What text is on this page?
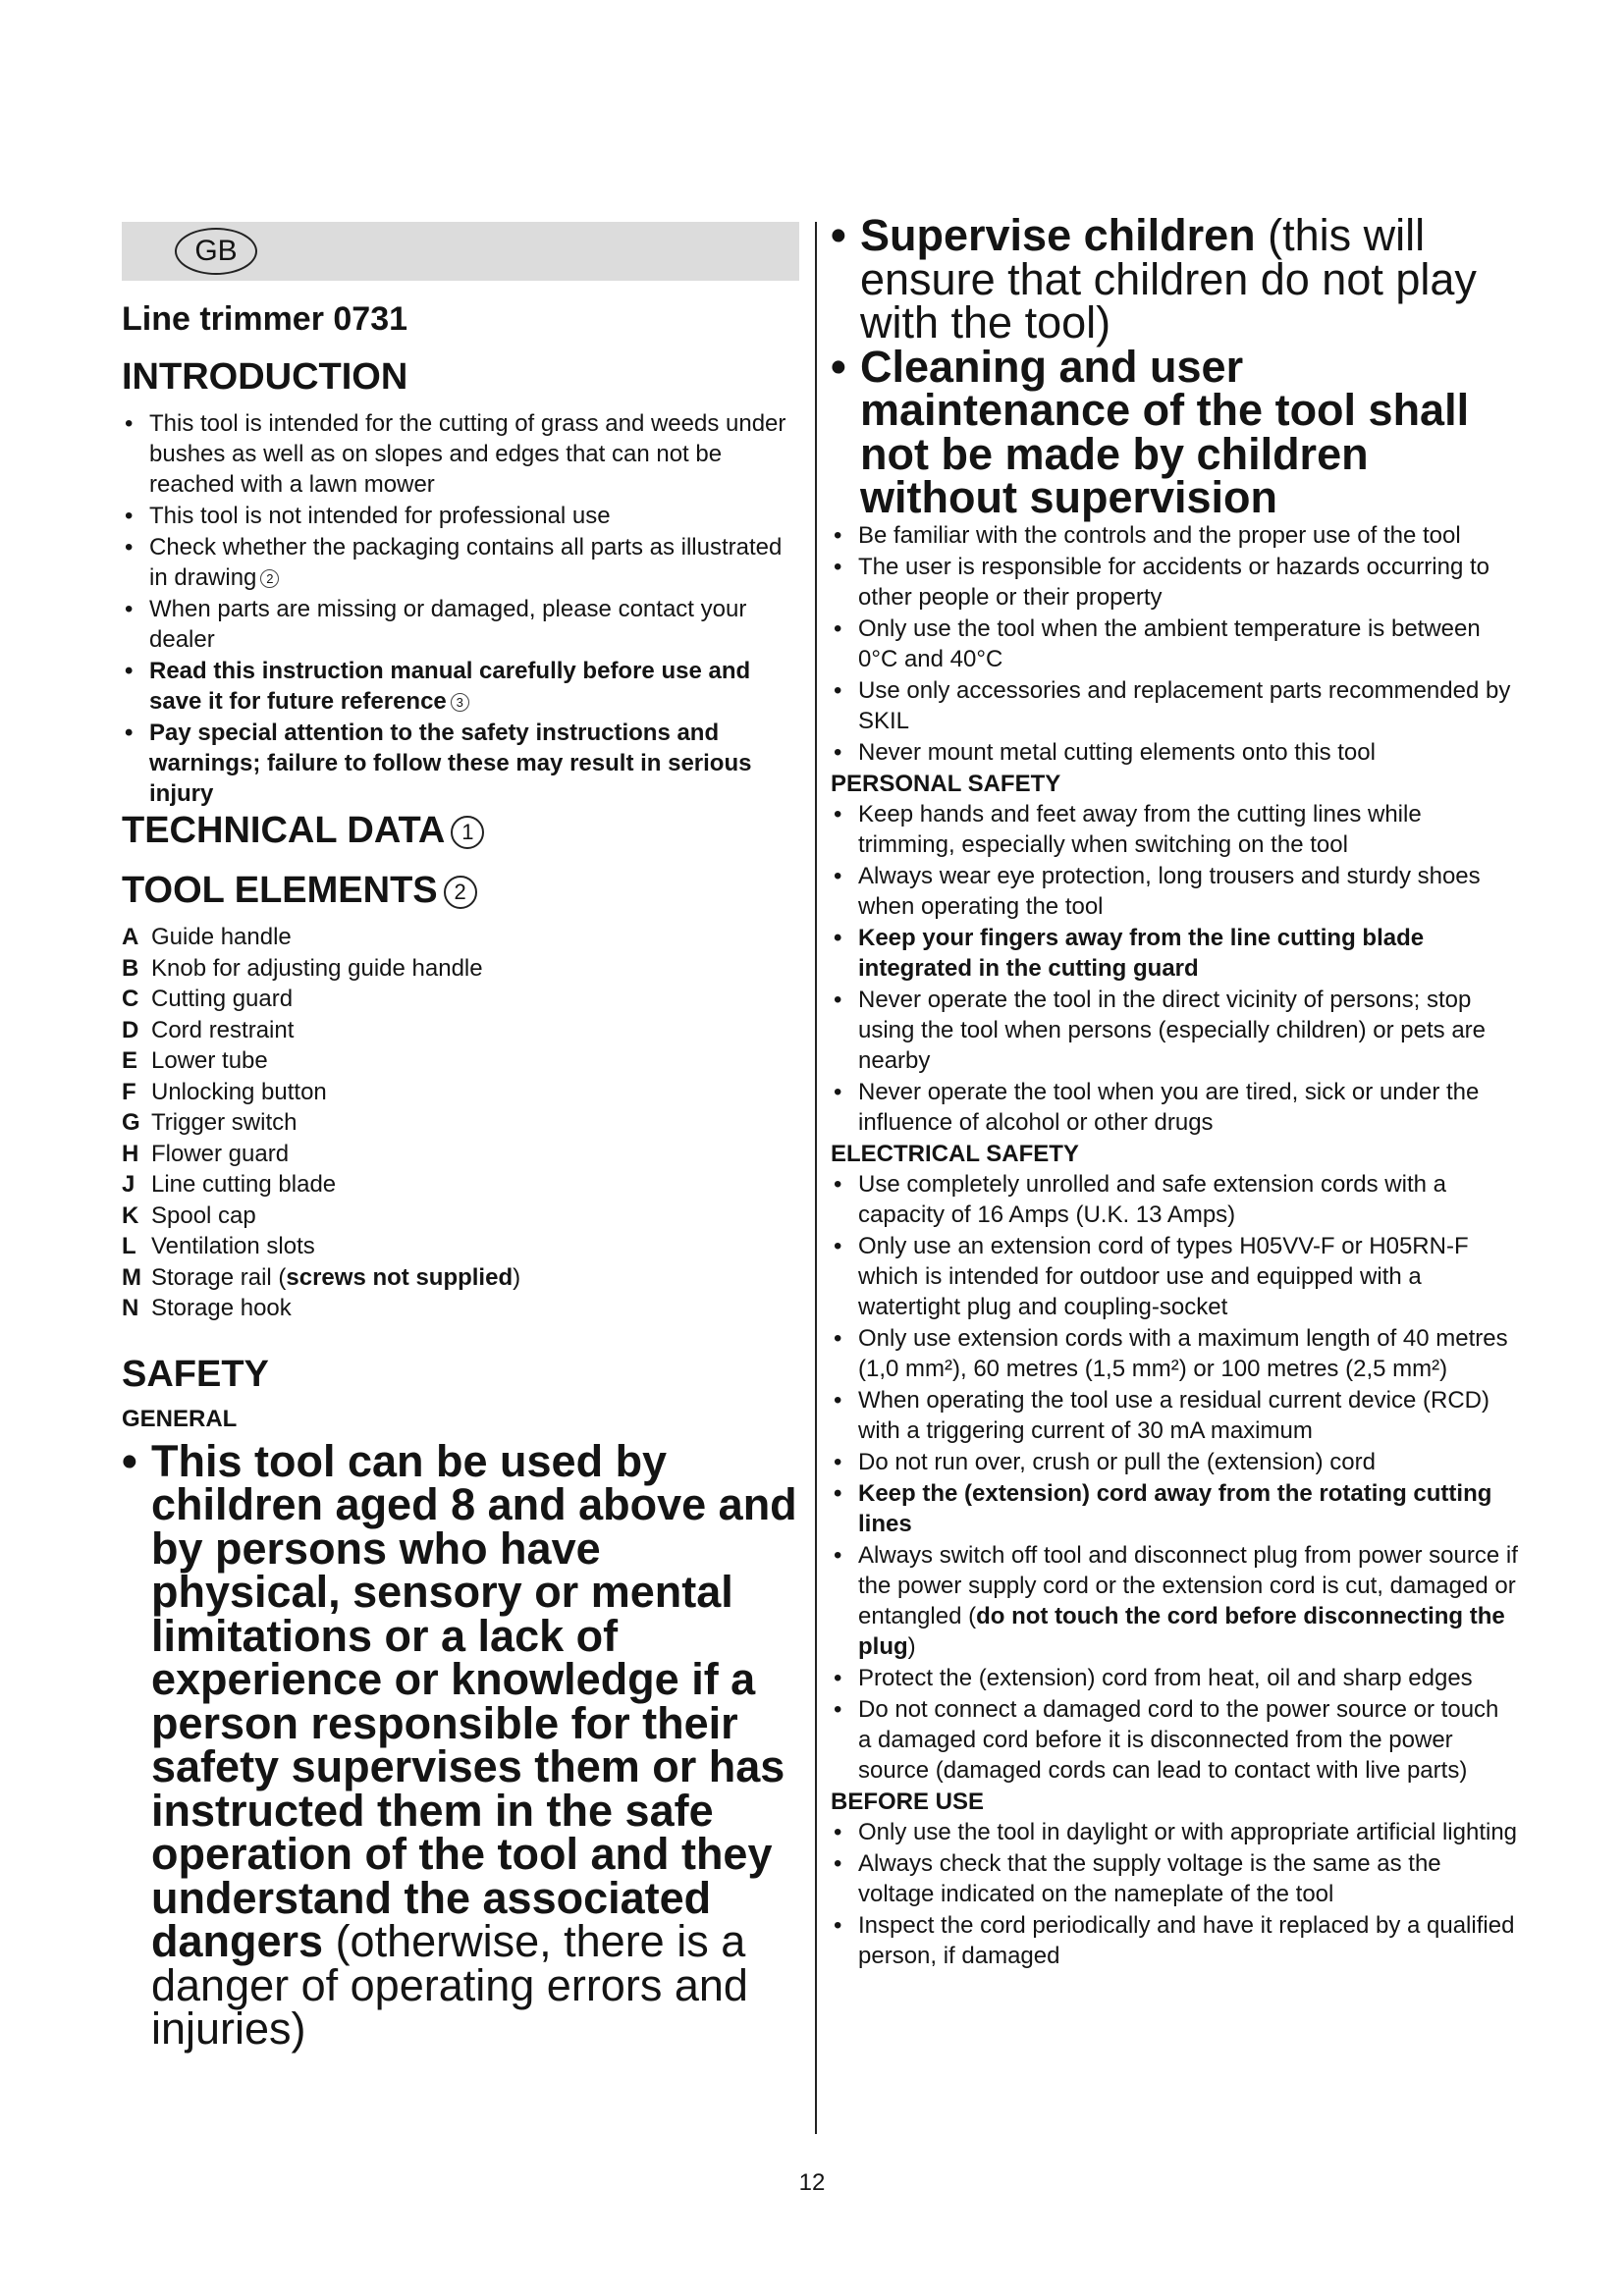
GB
Line trimmer 0731
INTRODUCTION
• This tool is intended for the cutting of grass and weeds under bushes as well as on slopes and edges that can not be reached with a lawn mower
• This tool is not intended for professional use
• Check whether the packaging contains all parts as illustrated in drawing 2
• When parts are missing or damaged, please contact your dealer
• Read this instruction manual carefully before use and save it for future reference 3
• Pay special attention to the safety instructions and warnings; failure to follow these may result in serious injury
TECHNICAL DATA 1
TOOL ELEMENTS 2
A Guide handle
B Knob for adjusting guide handle
C Cutting guard
D Cord restraint
E Lower tube
F Unlocking button
G Trigger switch
H Flower guard
J Line cutting blade
K Spool cap
L Ventilation slots
M Storage rail (screws not supplied)
N Storage hook
SAFETY
GENERAL

• This tool can be used by children aged 8 and above and by persons who have physical, sensory or mental limitations or a lack of experience or knowledge if a person responsible for their safety supervises them or has instructed them in the safe operation of the tool and they understand the associated dangers (otherwise, there is a danger of operating errors and injuries)

• Supervise children (this will ensure that children do not play with the tool)

• Cleaning and user maintenance of the tool shall not be made by children without supervision

• Be familiar with the controls and the proper use of the tool
• The user is responsible for accidents or hazards occurring to other people or their property
• Only use the tool when the ambient temperature is between 0°C and 40°C
• Use only accessories and replacement parts recommended by SKIL
• Never mount metal cutting elements onto this tool
PERSONAL SAFETY
• Keep hands and feet away from the cutting lines while trimming, especially when switching on the tool
• Always wear eye protection, long trousers and sturdy shoes when operating the tool
• Keep your fingers away from the line cutting blade integrated in the cutting guard
• Never operate the tool in the direct vicinity of persons; stop using the tool when persons (especially children) or pets are nearby
• Never operate the tool when you are tired, sick or under the influence of alcohol or other drugs
ELECTRICAL SAFETY
• Use completely unrolled and safe extension cords with a capacity of 16 Amps (U.K. 13 Amps)
• Only use an extension cord of types H05VV-F or H05RN-F which is intended for outdoor use and equipped with a watertight plug and coupling-socket
• Only use extension cords with a maximum length of 40 metres (1,0 mm²), 60 metres (1,5 mm²) or 100 metres (2,5 mm²)
• When operating the tool use a residual current device (RCD) with a triggering current of 30 mA maximum
• Do not run over, crush or pull the (extension) cord
• Keep the (extension) cord away from the rotating cutting lines
• Always switch off tool and disconnect plug from power source if the power supply cord or the extension cord is cut, damaged or entangled (do not touch the cord before disconnecting the plug)
• Protect the (extension) cord from heat, oil and sharp edges
• Do not connect a damaged cord to the power source or touch a damaged cord before it is disconnected from the power source (damaged cords can lead to contact with live parts)
BEFORE USE
• Only use the tool in daylight or with appropriate artificial lighting
• Always check that the supply voltage is the same as the voltage indicated on the nameplate of the tool
• Inspect the cord periodically and have it replaced by a qualified person, if damaged
12
